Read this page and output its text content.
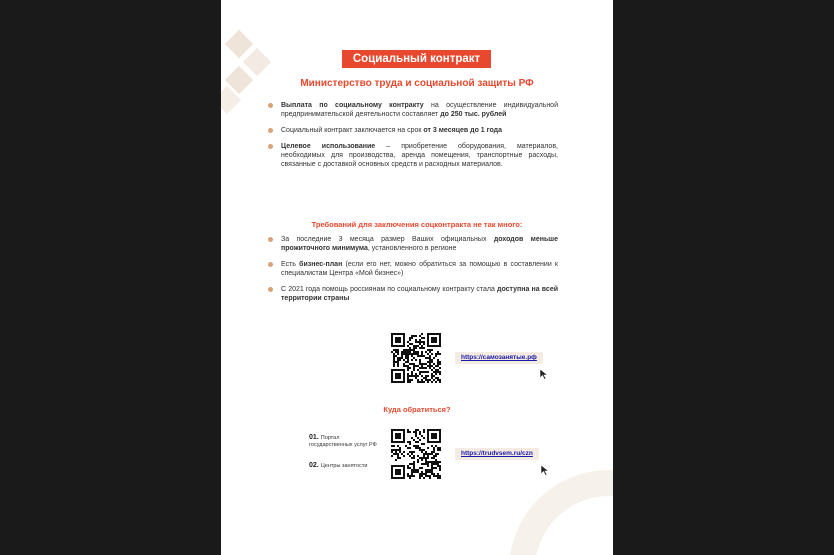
Социальный контракт
Министерство труда и социальной защиты РФ
Выплата по социальному контракту на осуществление индивидуальной предпринимательской деятельности составляет до 250 тыс. рублей
Социальный контракт заключается на срок от 3 месяцев до 1 года
Целевое использование – приобретение оборудования, материалов, необходимых для производства, аренда помещения, транспортные расходы, связанные с доставкой основных средств и расходных материалов.
Требований для заключения соцконтракта не так много:
За последние 3 месяца размер Ваших официальных доходов меньше прожиточного минимума, установленного в регионе
Есть бизнес-план (если его нет, можно обратиться за помощью в составлении к специалистам Центра «Мой бизнес»)
С 2021 года помощь россиянам по социальному контракту стала доступна на всей территории страны
https://самозанятые.рф
Куда обратиться?
01. Портал государственных услуг РФ
02. Центры занятости
https://trudvsem.ru/czn
